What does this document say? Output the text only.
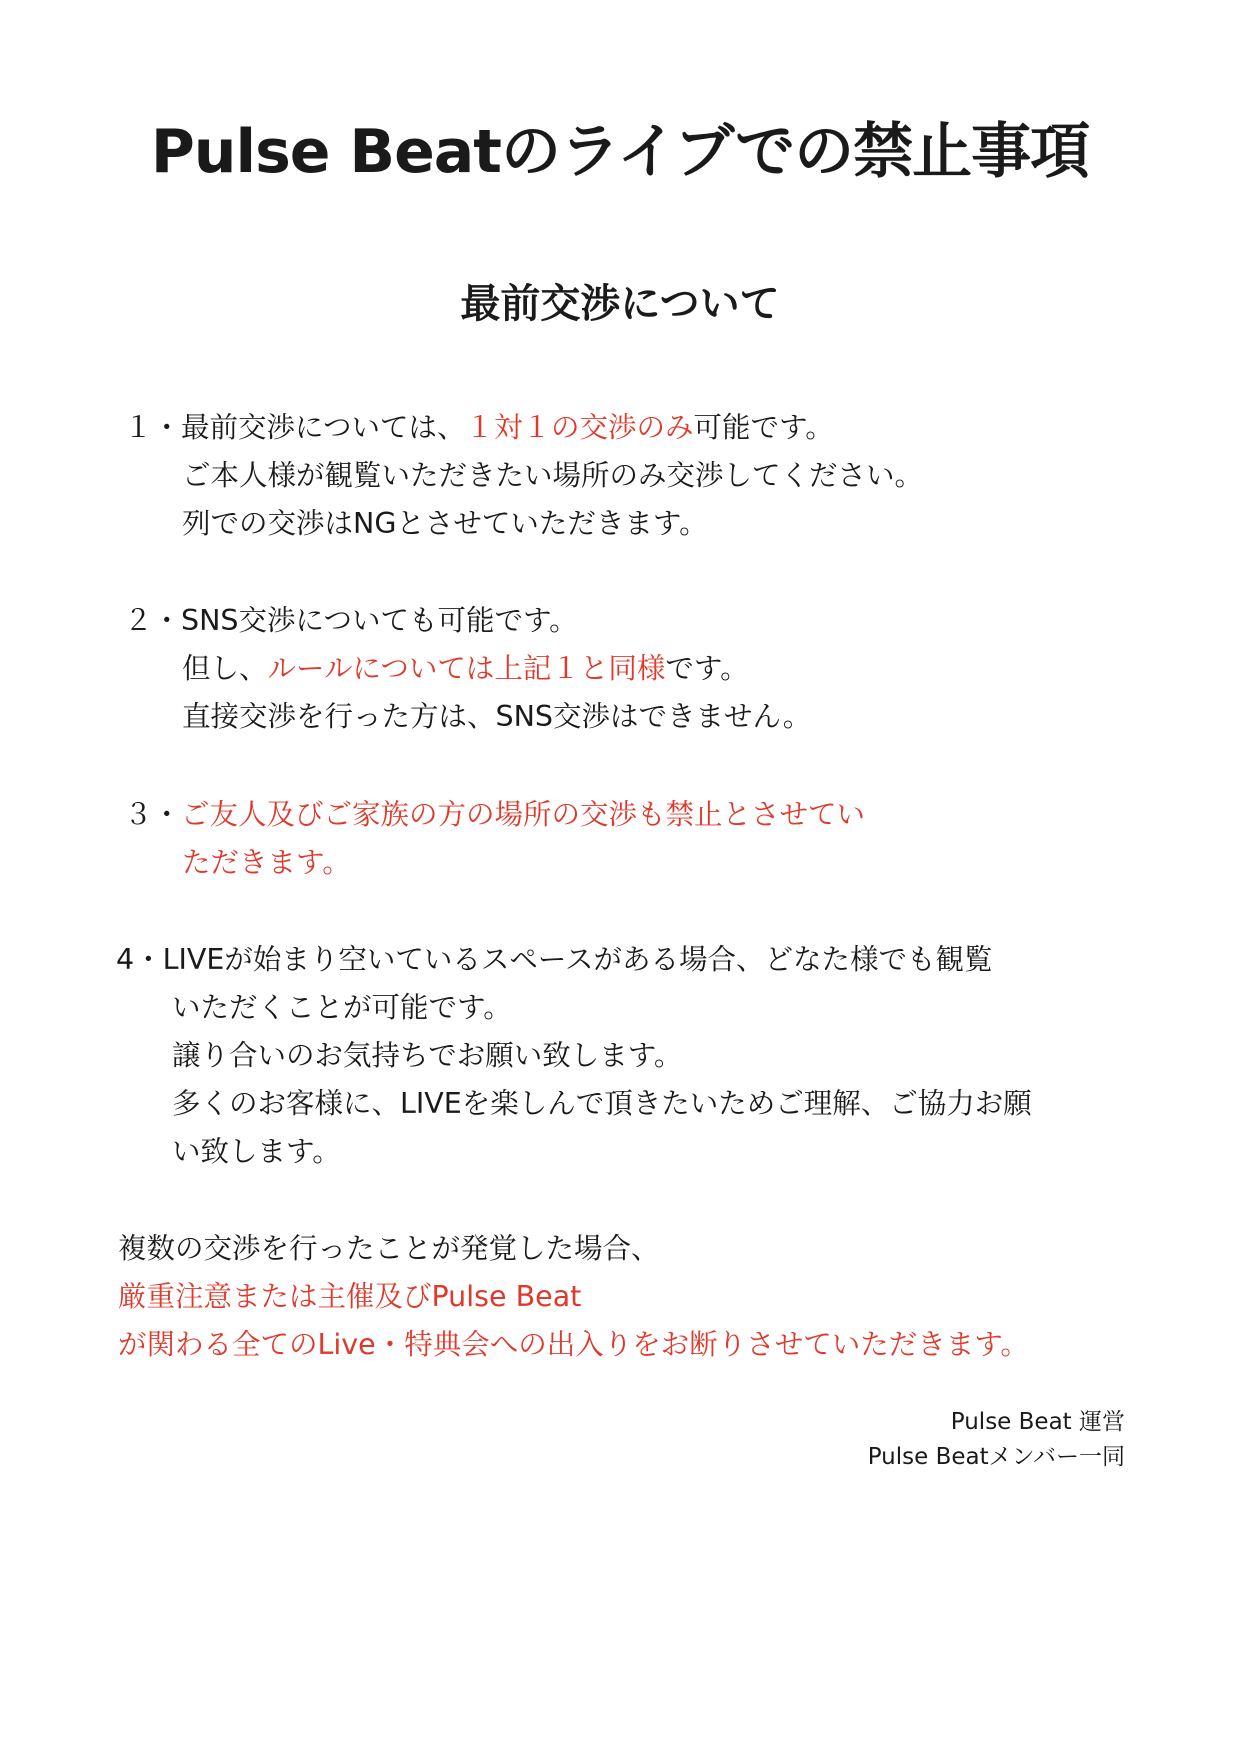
Pulse Beatのライブでの禁止事項
最前交渉について
１・最前交渉については、１対１の交渉のみ可能です。
ご本人様が観覧いただきたい場所のみ交渉してください。
列での交渉はNGとさせていただきます。
２・SNS交渉についても可能です。
但し、ルールについては上記１と同様です。
直接交渉を行った方は、SNS交渉はできません。
３・ご友人及びご家族の方の場所の交渉も禁止とさせてい
ただきます。
4・LIVEが始まり空いているスペースがある場合、どなた様でも観覧
いただくことが可能です。
譲り合いのお気持ちでお願い致します。
多くのお客様に、LIVEを楽しんで頂きたいためご理解、ご協力お願
い致します。
複数の交渉を行ったことが発覚した場合、
厳重注意または主催及びPulse Beat
が関わる全てのLive・特典会への出入りをお断りさせていただきます。
Pulse Beat 運営
Pulse Beatメンバー一同
